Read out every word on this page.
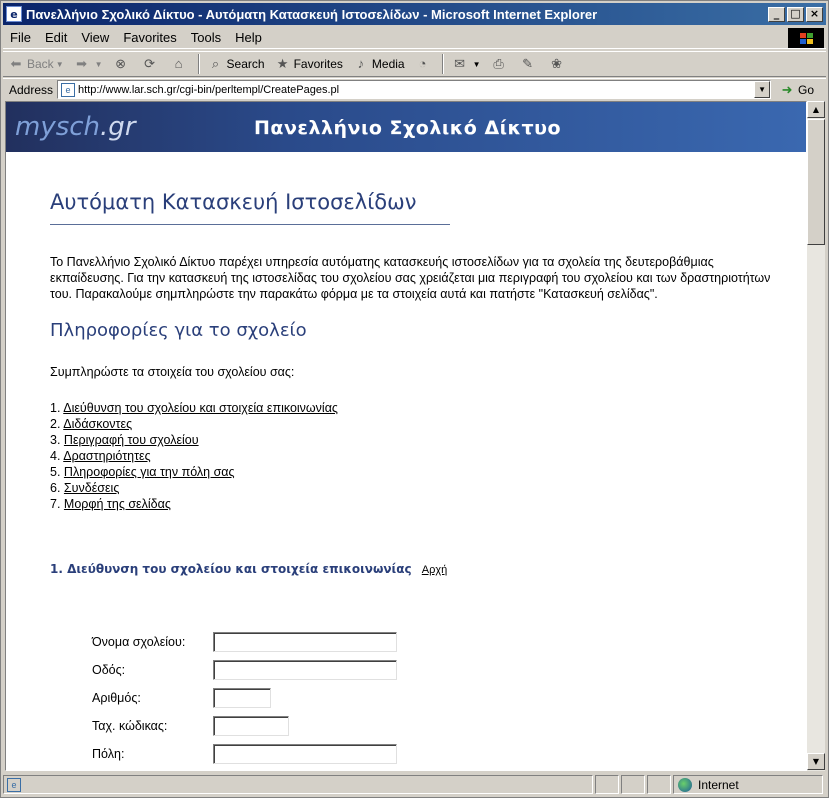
e Πανελλήνιο Σχολικό Δίκτυο - Αυτόματη Κατασκευή Ιστοσελίδων - Microsoft Internet Explorer	_	□ ×
File	Edit	View	Favorites	Tools	Help
⬅ Back ▼ ➡ ▼ ⊗ ⟳	⌂	⌕ Search ★ Favorites	♪ Media	◔	✉ ▼ ⎙ ✎ ❀
Address	e http://www.lar.sch.gr/cgi-bin/perltempl/CreatePages.pl	▼	➜ Go
mysch.gr	Πανελλήνιο Σχολικό Δίκτυο
Αυτόματη Κατασκευή Ιστοσελίδων
Το Πανελλήνιο Σχολικό Δίκτυο παρέχει υπηρεσία αυτόματης κατασκευής ιστοσελίδων για τα σχολεία της δευτεροβάθμιας εκπαίδευσης. Για την κατασκευή της ιστοσελίδας του σχολείου σας χρειάζεται μια περιγραφή του σχολείου και των δραστηριοτήτων του. Παρακαλούμε σημπληρώστε την παρακάτω φόρμα με τα στοιχεία αυτά και πατήστε "Κατασκευή σελίδας".
Πληροφορίες για το σχολείο
Συμπληρώστε τα στοιχεία του σχολείου σας:
1. Διεύθυνση του σχολείου και στοιχεία επικοινωνίας
2. Διδάσκοντες
3. Περιγραφή του σχολείου
4. Δραστηριότητες
5. Πληροφορίες για την πόλη σας
6. Συνδέσεις
7. Μορφή της σελίδας
1. Διεύθυνση του σχολείου και στοιχεία επικοινωνίας Αρχή
Όνομα σχολείου:
Οδός:
Αριθμός:
Ταχ. κώδικας:
Πόλη:
▲
▼
e	Internet
